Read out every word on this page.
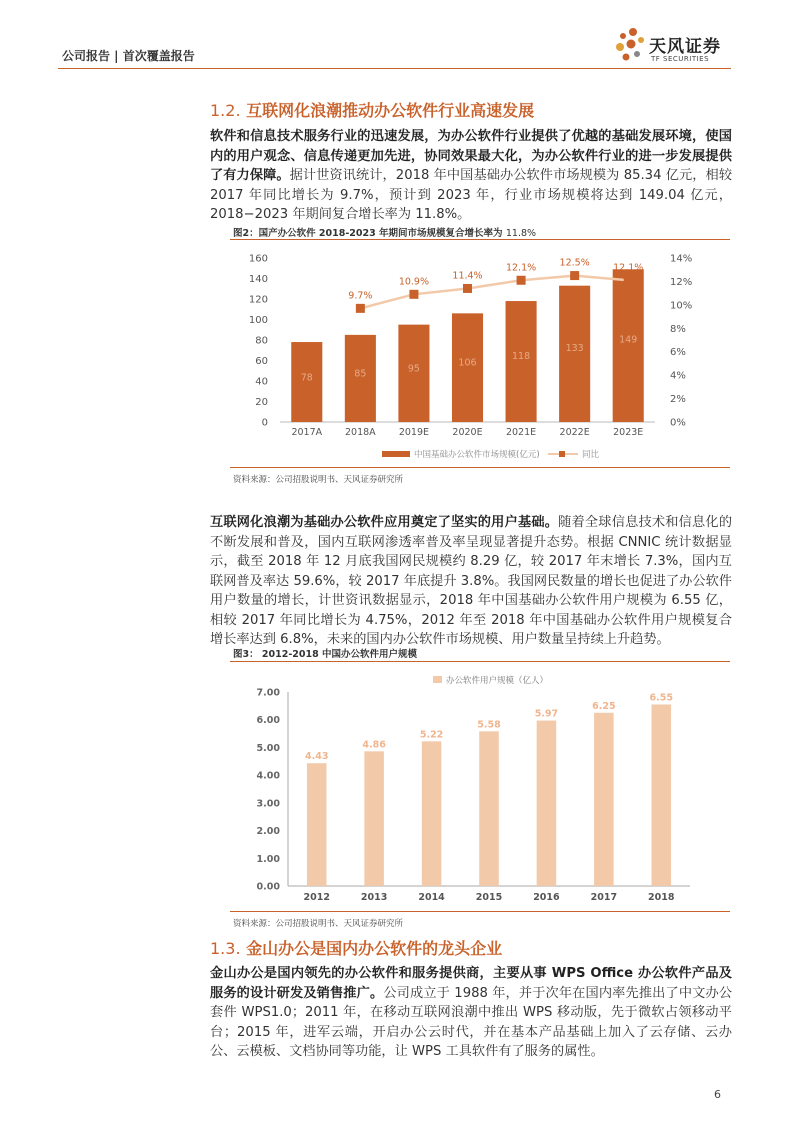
公司报告 | 首次覆盖报告	天风证券
TF SECURITIES
1.2. 互联网化浪潮推动办公软件行业高速发展
软件和信息技术服务行业的迅速发展，为办公软件行业提供了优越的基础发展环境，使国内的用户观念、信息传递更加先进，协同效果最大化，为办公软件行业的进一步发展提供了有力保障。据计世资讯统计，2018 年中国基础办公软件市场规模为 85.34 亿元，相较 2017 年同比增长为 9.7%，预计到 2023 年，行业市场规模将达到 149.04 亿元，2018−2023 年期间复合增长率为 11.8%。
图2：国产办公软件 2018-2023 年期间市场规模复合增长率为 11.8%
0
20
40
60
80
100
120
140
160
0%
2%
4%
6%
8%
10%
12%
14%
78
2017A
85
2018A
95
2019E
106
2020E
118
2021E
133
2022E
149
2023E
9.7%
10.9%
11.4%
12.1% 12.5% 12.1%
中国基础办公软件市场规模(亿元)	同比
资料来源：公司招股说明书、天风证券研究所
互联网化浪潮为基础办公软件应用奠定了坚实的用户基础。随着全球信息技术和信息化的不断发展和普及，国内互联网渗透率普及率呈现显著提升态势。根据 CNNIC 统计数据显示，截至 2018 年 12 月底我国网民规模约 8.29 亿，较 2017 年末增长 7.3%，国内互联网普及率达 59.6%，较 2017 年底提升 3.8%。我国网民数量的增长也促进了办公软件用户数量的增长，计世资讯数据显示，2018 年中国基础办公软件用户规模为 6.55 亿，相较 2017 年同比增长为 4.75%，2012 年至 2018 年中国基础办公软件用户规模复合增长率达到 6.8%，未来的国内办公软件市场规模、用户数量呈持续上升趋势。
图3： 2012-2018 中国办公软件用户规模
办公软件用户规模（亿人）
0.00
1.00
2.00
3.00
4.00
5.00
6.00
7.00
4.43
2012
4.86
2013
5.22
2014
5.58
2015
5.97
2016
6.25
2017
6.55
2018
资料来源：公司招股说明书、天风证券研究所
1.3. 金山办公是国内办公软件的龙头企业
金山办公是国内领先的办公软件和服务提供商，主要从事 WPS Office 办公软件产品及服务的设计研发及销售推广。公司成立于 1988 年，并于次年在国内率先推出了中文办公套件 WPS1.0；2011 年，在移动互联网浪潮中推出 WPS 移动版，先于微软占领移动平台；2015 年，进军云端，开启办公云时代，并在基本产品基础上加入了云存储、云办公、云模板、文档协同等功能，让 WPS 工具软件有了服务的属性。
6
